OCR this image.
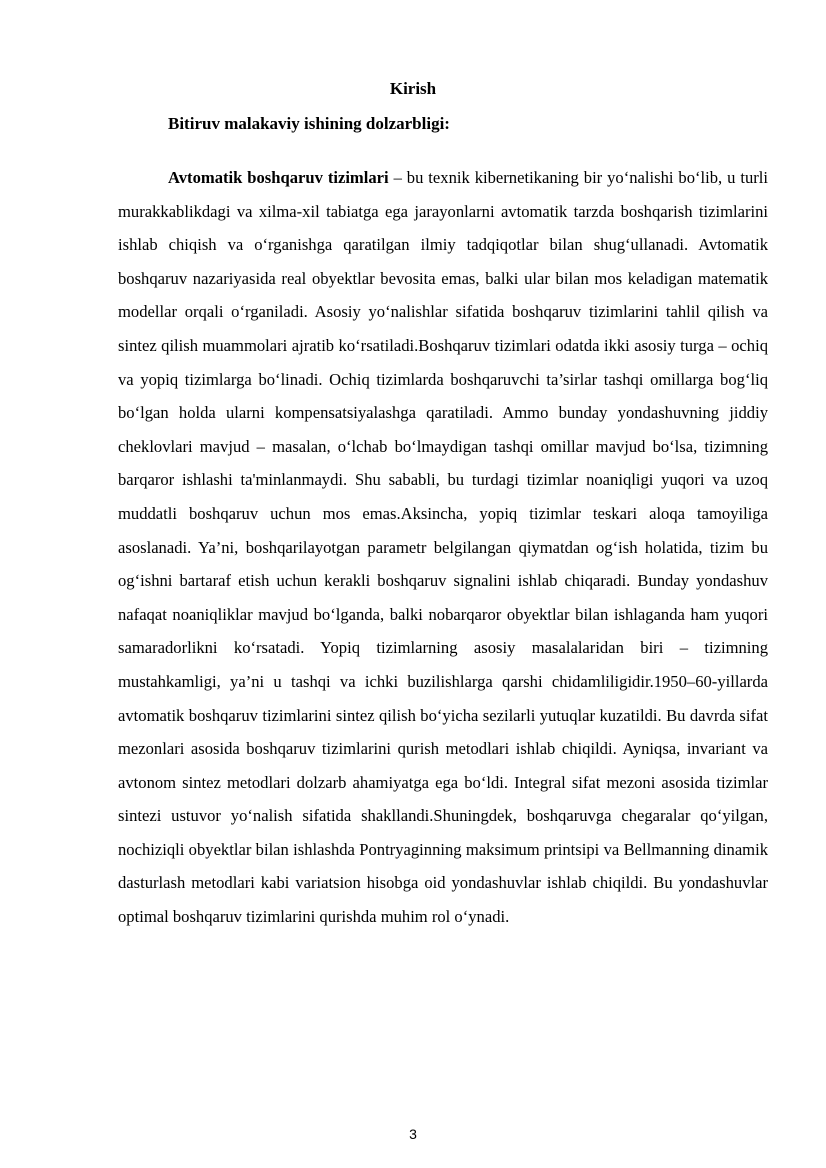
Kirish
Bitiruv malakaviy ishining dolzarbligi:

Avtomatik boshqaruv tizimlari – bu texnik kibernetikaning bir yo‘nalishi bo‘lib, u turli murakkablikdagi va xilma-xil tabiatga ega jarayonlarni avtomatik tarzda boshqarish tizimlarini ishlab chiqish va o‘rganishga qaratilgan ilmiy tadqiqotlar bilan shug‘ullanadi. Avtomatik boshqaruv nazariyasida real obyektlar bevosita emas, balki ular bilan mos keladigan matematik modellar orqali o‘rganiladi. Asosiy yo‘nalishlar sifatida boshqaruv tizimlarini tahlil qilish va sintez qilish muammolari ajratib ko‘rsatiladi.Boshqaruv tizimlari odatda ikki asosiy turga – ochiq va yopiq tizimlarga bo‘linadi. Ochiq tizimlarda boshqaruvchi ta’sirlar tashqi omillarga bog‘liq bo‘lgan holda ularni kompensatsiyalashga qaratiladi. Ammo bunday yondashuvning jiddiy cheklovlari mavjud – masalan, o‘lchab bo‘lmaydigan tashqi omillar mavjud bo‘lsa, tizimning barqaror ishlashi ta'minlanmaydi. Shu sababli, bu turdagi tizimlar noaniqligi yuqori va uzoq muddatli boshqaruv uchun mos emas.Aksincha, yopiq tizimlar teskari aloqa tamoyiliga asoslanadi. Ya’ni, boshqarilayotgan parametr belgilangan qiymatdan og‘ish holatida, tizim bu og‘ishni bartaraf etish uchun kerakli boshqaruv signalini ishlab chiqaradi. Bunday yondashuv nafaqat noaniqliklar mavjud bo‘lganda, balki nobarqaror obyektlar bilan ishlaganda ham yuqori samaradorlikni ko‘rsatadi. Yopiq tizimlarning asosiy masalalaridan biri – tizimning mustahkamligi, ya’ni u tashqi va ichki buzilishlarga qarshi chidamliligidir.1950–60-yillarda avtomatik boshqaruv tizimlarini sintez qilish bo‘yicha sezilarli yutuqlar kuzatildi. Bu davrda sifat mezonlari asosida boshqaruv tizimlarini qurish metodlari ishlab chiqildi. Ayniqsa, invariant va avtonom sintez metodlari dolzarb ahamiyatga ega bo‘ldi. Integral sifat mezoni asosida tizimlar sintezi ustuvor yo‘nalish sifatida shakllandi.Shuningdek, boshqaruvga chegaralar qo‘yilgan, nochiziqli obyektlar bilan ishlashda Pontryaginning maksimum printsipi va Bellmanning dinamik dasturlash metodlari kabi variatsion hisobga oid yondashuvlar ishlab chiqildi. Bu yondashuvlar optimal boshqaruv tizimlarini qurishda muhim rol o‘ynadi.

3
